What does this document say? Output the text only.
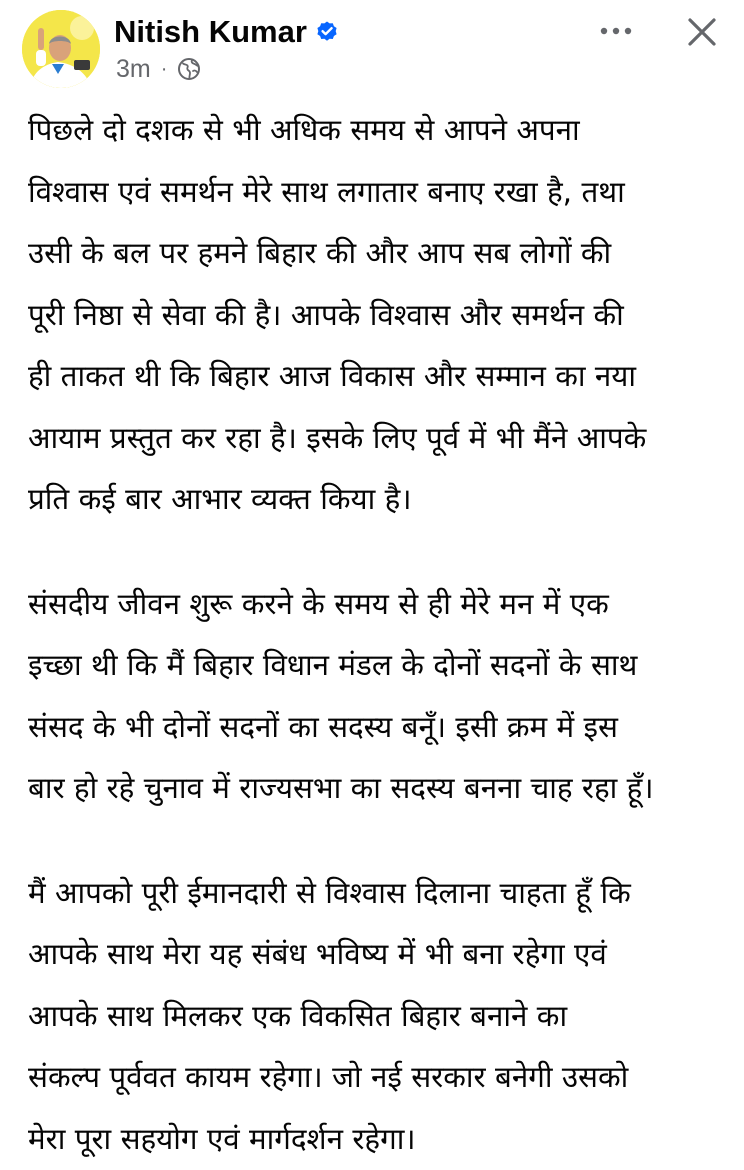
Nitish Kumar
3m ·

पिछले दो दशक से भी अधिक समय से आपने अपना
विश्वास एवं समर्थन मेरे साथ लगातार बनाए रखा है, तथा
उसी के बल पर हमने बिहार की और आप सब लोगों की
पूरी निष्ठा से सेवा की है। आपके विश्वास और समर्थन की
ही ताकत थी कि बिहार आज विकास और सम्मान का नया
आयाम प्रस्तुत कर रहा है। इसके लिए पूर्व में भी मैंने आपके
प्रति कई बार आभार व्यक्त किया है।

संसदीय जीवन शुरू करने के समय से ही मेरे मन में एक
इच्छा थी कि मैं बिहार विधान मंडल के दोनों सदनों के साथ
संसद के भी दोनों सदनों का सदस्य बनूँ। इसी क्रम में इस
बार हो रहे चुनाव में राज्यसभा का सदस्य बनना चाह रहा हूँ।

मैं आपको पूरी ईमानदारी से विश्वास दिलाना चाहता हूँ कि
आपके साथ मेरा यह संबंध भविष्य में भी बना रहेगा एवं
आपके साथ मिलकर एक विकसित बिहार बनाने का
संकल्प पूर्ववत कायम रहेगा। जो नई सरकार बनेगी उसको
मेरा पूरा सहयोग एवं मार्गदर्शन रहेगा।
